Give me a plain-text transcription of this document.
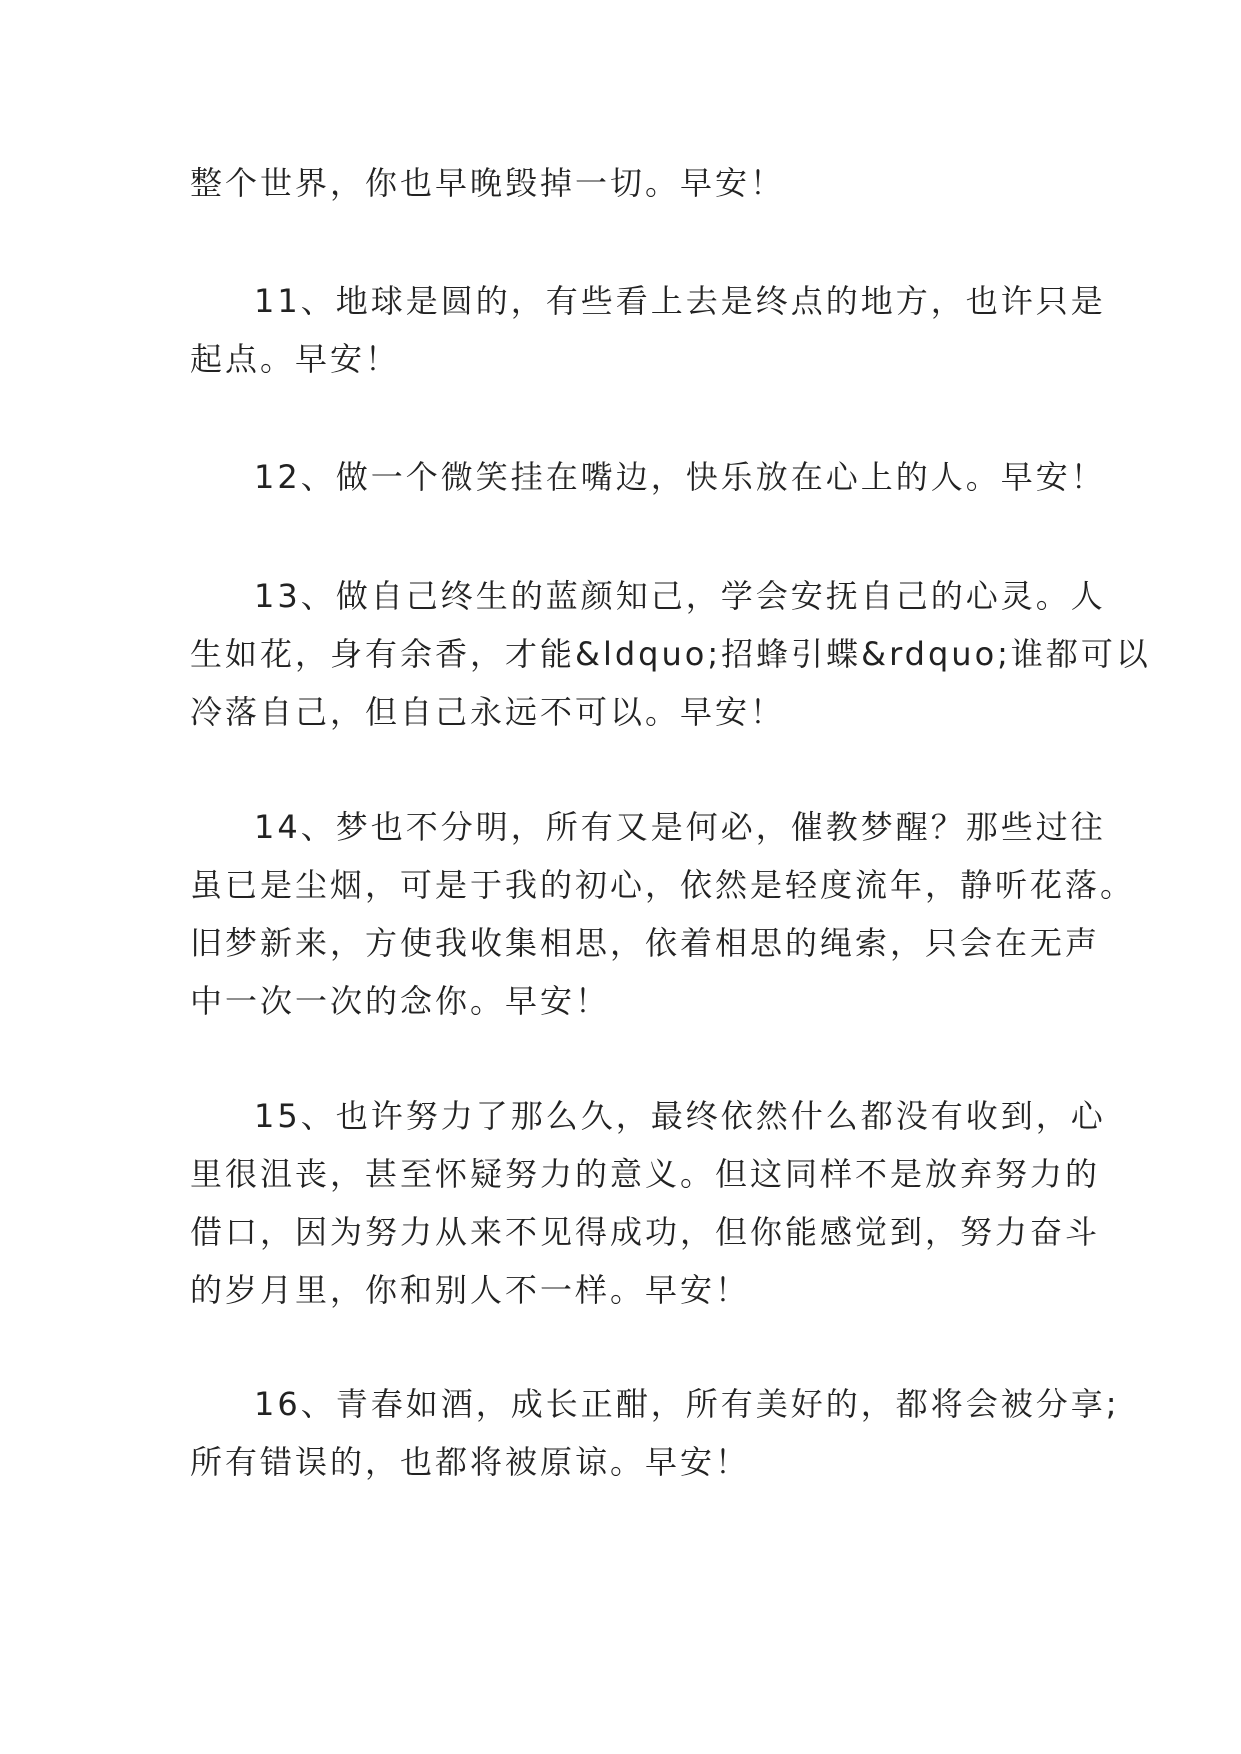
整个世界，你也早晚毁掉一切。早安！
11、地球是圆的，有些看上去是终点的地方，也许只是
起点。早安！
12、做一个微笑挂在嘴边，快乐放在心上的人。早安！
13、做自己终生的蓝颜知己，学会安抚自己的心灵。人
生如花，身有余香，才能&ldquo;招蜂引蝶&rdquo;谁都可以
冷落自己，但自己永远不可以。早安！
14、梦也不分明，所有又是何必，催教梦醒？那些过往
虽已是尘烟，可是于我的初心，依然是轻度流年，静听花落。
旧梦新来，方使我收集相思，依着相思的绳索，只会在无声
中一次一次的念你。早安！
15、也许努力了那么久，最终依然什么都没有收到，心
里很沮丧，甚至怀疑努力的意义。但这同样不是放弃努力的
借口，因为努力从来不见得成功，但你能感觉到，努力奋斗
的岁月里，你和别人不一样。早安！
16、青春如酒，成长正酣，所有美好的，都将会被分享;
所有错误的，也都将被原谅。早安！
